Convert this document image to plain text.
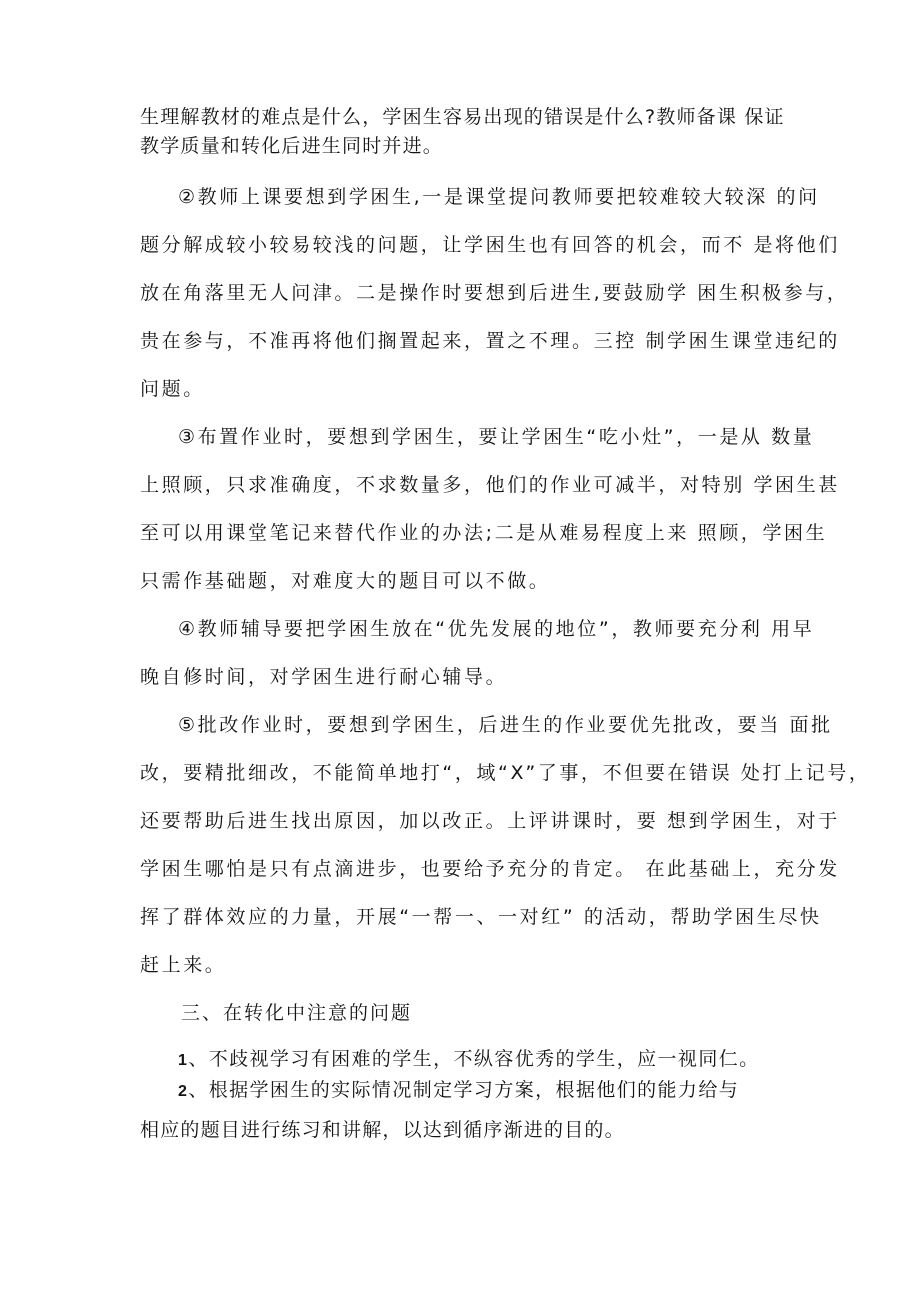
生理解教材的难点是什么，学困生容易出现的错误是什么?教师备课 保证
教学质量和转化后进生同时并进。
②教师上课要想到学困生,一是课堂提问教师要把较难较大较深 的问
题分解成较小较易较浅的问题，让学困生也有回答的机会，而不 是将他们
放在角落里无人问津。二是操作时要想到后进生,要鼓励学 困生积极参与，
贵在参与，不准再将他们搁置起来，置之不理。三控 制学困生课堂违纪的
问题。
③布置作业时，要想到学困生，要让学困生“吃小灶”，一是从 数量
上照顾，只求准确度，不求数量多，他们的作业可减半，对特别 学困生甚
至可以用课堂笔记来替代作业的办法;二是从难易程度上来 照顾，学困生
只需作基础题，对难度大的题目可以不做。
④教师辅导要把学困生放在“优先发展的地位”，教师要充分利 用早
晚自修时间，对学困生进行耐心辅导。
⑤批改作业时，要想到学困生，后进生的作业要优先批改，要当 面批
改，要精批细改，不能简单地打“，域“X”了事，不但要在错误 处打上记号，
还要帮助后进生找出原因，加以改正。上评讲课时，要 想到学困生，对于
学困生哪怕是只有点滴进步，也要给予充分的肯定。 在此基础上，充分发
挥了群体效应的力量，开展“一帮一、一对红” 的活动，帮助学困生尽快
赶上来。
三、在转化中注意的问题
1、不歧视学习有困难的学生，不纵容优秀的学生，应一视同仁。
2、根据学困生的实际情况制定学习方案，根据他们的能力给与
相应的题目进行练习和讲解，以达到循序渐进的目的。
